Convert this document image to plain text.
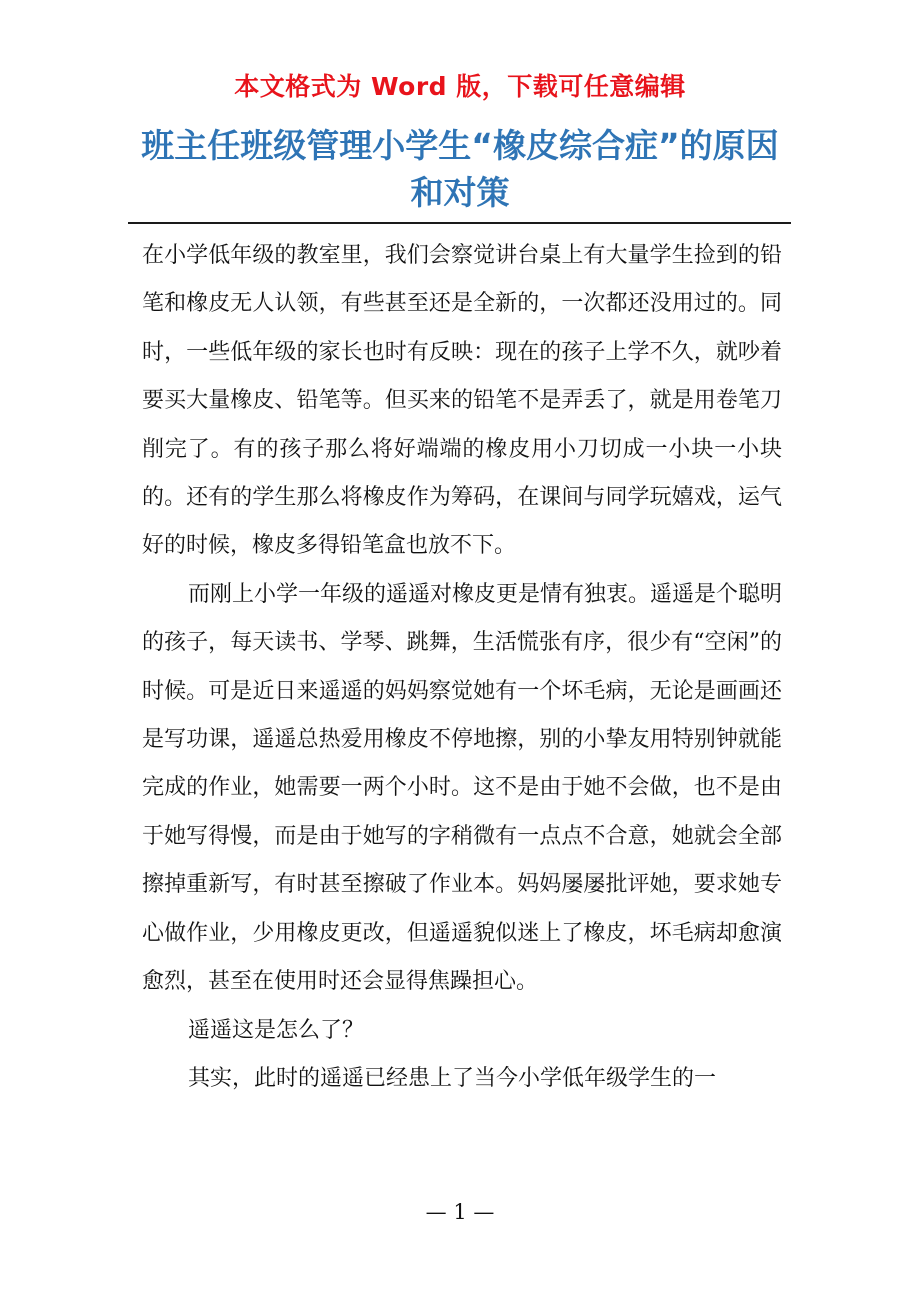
本文格式为 Word 版，下载可任意编辑
班主任班级管理小学生“橡皮综合症”的原因和对策

在小学低年级的教室里，我们会察觉讲台桌上有大量学生捡到的铅笔和橡皮无人认领，有些甚至还是全新的，一次都还没用过的。同时，一些低年级的家长也时有反映：现在的孩子上学不久，就吵着要买大量橡皮、铅笔等。但买来的铅笔不是弄丢了，就是用卷笔刀削完了。有的孩子那么将好端端的橡皮用小刀切成一小块一小块的。还有的学生那么将橡皮作为筹码，在课间与同学玩嬉戏，运气好的时候，橡皮多得铅笔盒也放不下。

而刚上小学一年级的遥遥对橡皮更是情有独衷。遥遥是个聪明的孩子，每天读书、学琴、跳舞，生活慌张有序，很少有“空闲”的时候。可是近日来遥遥的妈妈察觉她有一个坏毛病，无论是画画还是写功课，遥遥总热爱用橡皮不停地擦，别的小挚友用特别钟就能完成的作业，她需要一两个小时。这不是由于她不会做，也不是由于她写得慢，而是由于她写的字稍微有一点点不合意，她就会全部擦掉重新写，有时甚至擦破了作业本。妈妈屡屡批评她，要求她专心做作业，少用橡皮更改，但遥遥貌似迷上了橡皮，坏毛病却愈演愈烈，甚至在使用时还会显得焦躁担心。

遥遥这是怎么了？

其实，此时的遥遥已经患上了当今小学低年级学生的一

— 1 —
